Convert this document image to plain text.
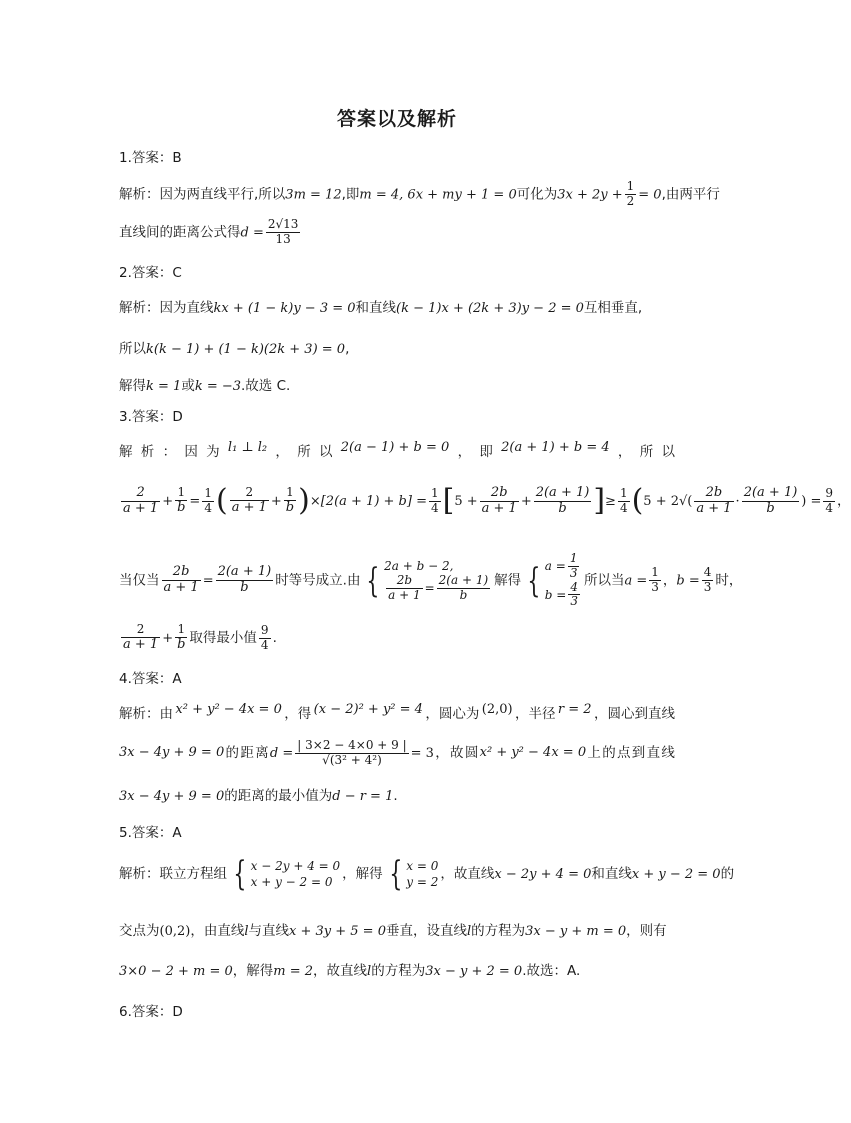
答案以及解析
1.答案：B
解析：因为两直线平行,所以3m = 12,即m = 4, 6x + my + 1 = 0可化为$3x + 2y + \frac{1}{2} = 0$,由两平行
直线间的距离公式得$d = \frac{2√13}{13}$
2.答案：C
解析：因为直线kx + (1 − k)y − 3 = 0和直线(k − 1)x + (2k + 3)y − 2 = 0互相垂直,
所以k(k − 1) + (1 − k)(2k + 3) = 0,
解得k = 1或k = −3.故选 C.
3.答案：D
解 析 ： 因 为 l₁ ⊥ l₂ ， 所 以 2(a − 1) + b = 0 ， 即 2(a + 1) + b = 4 ， 所 以
$\frac{2}{a + 1} + \frac{1}{b} = \frac{1}{4}$ ( $\frac{2}{a + 1} + \frac{1}{b} )\times[2(a + 1) + b] = \frac{1}{4} [5 + \frac{2b}{a + 1} + \frac{2(a + 1)}{b}$ ]≥ $\frac{1}{4} (5 + 2√( \frac{2b}{a + 1} \cdot \frac{2(a + 1)}{b}$ ) = $\frac{9}{4}$ ，
当仅当 $\frac{2b}{a + 1} = \frac{2(a + 1)}{b}$ 时等号成立.由 { 2a + b − 2,
$\frac{2b}{a + 1} = \frac{2(a + 1)}{b}$ 解得 { $a = \frac{1}{3}$
$b = \frac{4}{3}$ 所以当$a = \frac{1}{3}$ ，$b = \frac{4}{3}$ 时，
$\frac{2}{a + 1} + \frac{1}{b}$ 取得最小值 $\frac{9}{4}$ .
4.答案：A
解析：由 x² + y² − 4x = 0 ，得 (x − 2)² + y² = 4 ，圆心为 (2,0) ，半径 r = 2 ，圆心到直线
3x − 4y + 9 = 0 的 距 离 $d = \frac{| 3\times 2 - 4\times 0 + 9 |}{\text{√(3² + 4²)}} = 3$ ， 故 圆 x² + y² − 4x = 0 上 的 点 到 直 线
3x − 4y + 9 = 0的距离的最小值为d − r = 1.
5.答案：A
解析：联立方程组 { x − 2y + 4 = 0
x + y − 2 = 0 ，解得 { x = 0
y = 2 ，故直线x − 2y + 4 = 0和直线x + y − 2 = 0的
交点为(0,2)，由直线l与直线x + 3y + 5 = 0垂直，设直线l的方程为3x − y + m = 0，则有
3×0 − 2 + m = 0，解得m = 2，故直线l的方程为3x − y + 2 = 0.故选：A.
6.答案：D
